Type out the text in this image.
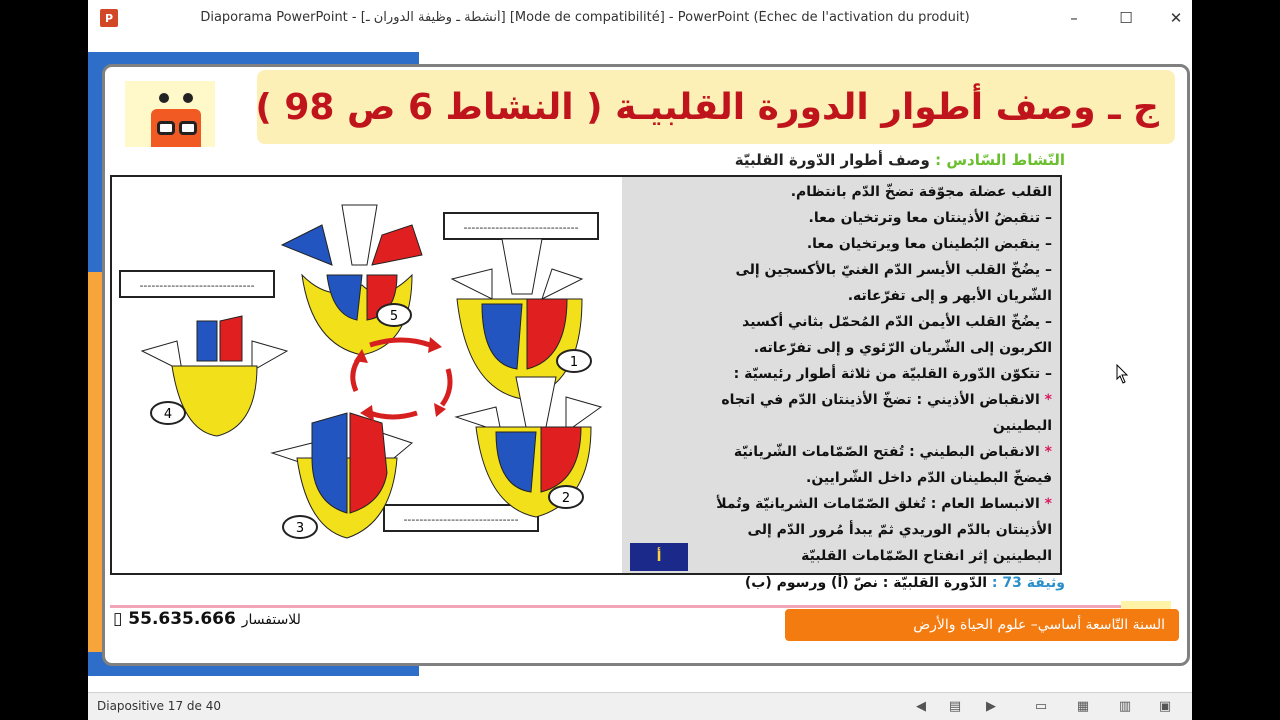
P	Diaporama PowerPoint - [أنشطة ـ وظيفة الدوران ـ] [Mode de compatibilité] - PowerPoint (Échec de l'activation du produit)	–	☐	✕
ج ـ وصف أطوار الدورة القلبيـة ( النشاط 6 ص 98 )
النّشاط السّادس : وصف أطوار الدّورة القلبيّة
-----------------------------
-----------------------------
-----------------------------
5
1
4
2
3
القلب عضلة مجوّفة تضخّ الدّم بانتظام.
– تنقبضُ الأذينتان معا وترتخيان معا.
– ينقبض البُطينان معا ويرتخيان معا.
– يضُخّ القلب الأيسر الدّم الغنيّ بالأكسجين إلى
الشّريان الأبهر و إلى تفرّعاته.
– يضُخّ القلب الأيمن الدّم المُحمّل بثاني أكسيد
الكربون إلى الشّريان الرّئوي و إلى تفرّعاته.
– تتكوّن الدّورة القلبيّة من ثلاثة أطوار رئيسيّة :
* الانقباض الأذيني : تضخّ الأذينتان الدّم في اتجاه
البطينين
* الانقباض البطيني : تُفتح الصّمّامات الشّريانيّة
فيضخّ البطينان الدّم داخل الشّرايين.
* الانبساط العام : تُغلق الصّمّامات الشريانيّة وتُملأ
الأذينتان بالدّم الوريدي ثمّ يبدأ مُرور الدّم إلى
البطينين إثر انفتاح الصّمّامات القلبيّة
أ
وثيقة 73 : الدّورة القلبيّة : نصّ (أ) ورسوم (ب)
▯ 55.635.666 للاستفسار	السنة التّاسعة أساسي– علوم الحياة والأرض
Diapositive 17 de 40	◀	▤	▶	▭ ▦ ▥ ▣
